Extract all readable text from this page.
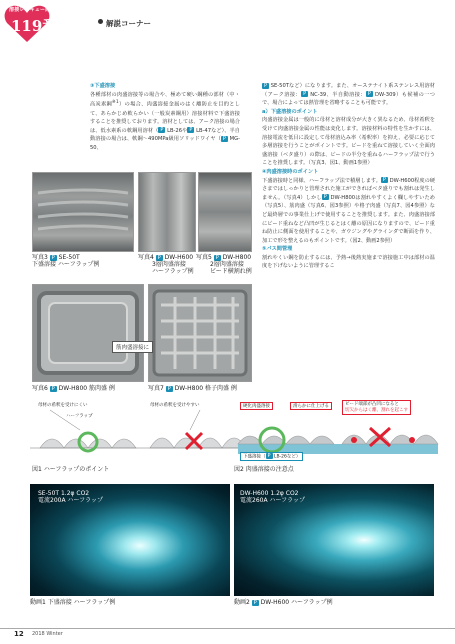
溶接レスキュー隊
119番	解説コーナー

③下盛溶接

各種部材の肉盛溶接等の場合や、極めて硬い鋼種の部材（中・高炭素鋼$^{※1}$）の場合、肉盛溶接金属のはく離防止を目的として、あらかじめ軟らかい（一般炭素鋼用）溶接材料で下盛溶接することを推奨しております。溶材としては、アーク溶接の場合は、低水素系の軟鋼用溶材（ P LB-26や P LB-47など）、半自動溶接の場合は、軟鋼～490MPa級用ソリッドワイヤ（ P MG-50、

P SE-50Tなど）になります。また、オーステナイト系ステンレス用溶材（アーク溶接： P NC-39、半自動溶接： P DW-309）も候補の一つで、場合によっては熱管理を省略することも可能です。

a）下盛溶接のポイント

肉盛溶接金属は一般的に母材と溶材成分が大きく異なるため、母材希釈を受けて肉盛溶接金属の性能は変化します。溶接材料の特性を生かすには、溶接電流を低目に設定して母材溶込み率（希釈率）を抑え、必要に応じて多層溶接を行うことがポイントです。ビードを重ねて溶接していく全面肉盛溶接（ベタ盛り）の際は、ビードの半分を重ねるハーフラップ法で行うことを推奨します。（写真3、図1、動画1参照）

④肉盛溶接時のポイント

下盛溶接時と同様、ハーフラップ法で積層します。 P DW-H600程度の硬さまではしっかりと管理された施工ができればベタ盛りでも割れは発生しません。（写真4）しかし P DW-H800は割れやすくよく欄しやすいため（写真5）、筋肉盛（写真6、図3参照）や格子肉盛（写真7、図4参照）など最終層での事業仕上げで使用することを推奨します。また、肉盛溶接部にビード重ねなど凸凹が生じるとはく離の原因になりますので、ビード重ね防止に側面を使用することや、ガウジングやグラインダで断面を作り、加工で形を整えるのもポイントです。（図2、動画2参照）

⑤パス間管理

割れやくい鋼を防止するには、予熱→後熱実施まで溶接施工中は部材の温度を下げないように管理するこ

写真3 P SE-50T
下盛溶接 ハーフラップ例
写真4 P DW-H600
3層肉盛溶接
ハーフラップ例
写真5 P DW-H800
2層肉盛溶接
ビード横割れ例
写真6 P DW-H800 筋肉盛 例
筋肉盛溶接に
写真7 P DW-H800 格子肉盛 例
母材の希釈を受けにくい	母材の希釈を受けやすい
ハーフラップ
図1 ハーフラップのポイント
硬化肉盛溶接	滑らかに仕上げる	ビード端部が凸凹になると
切欠からはく離、割れを起こす
下盛溶接（ P LB-26など）
図2 肉盛溶接の注意点
SE-50T 1.2φ CO2
電流200A ハーフラップ
動画1 下盛溶接 ハーフラップ例
DW-H600 1.2φ CO2
電流260A ハーフラップ
動画2 P DW-H600 ハーフラップ例
12 2018 Winter
